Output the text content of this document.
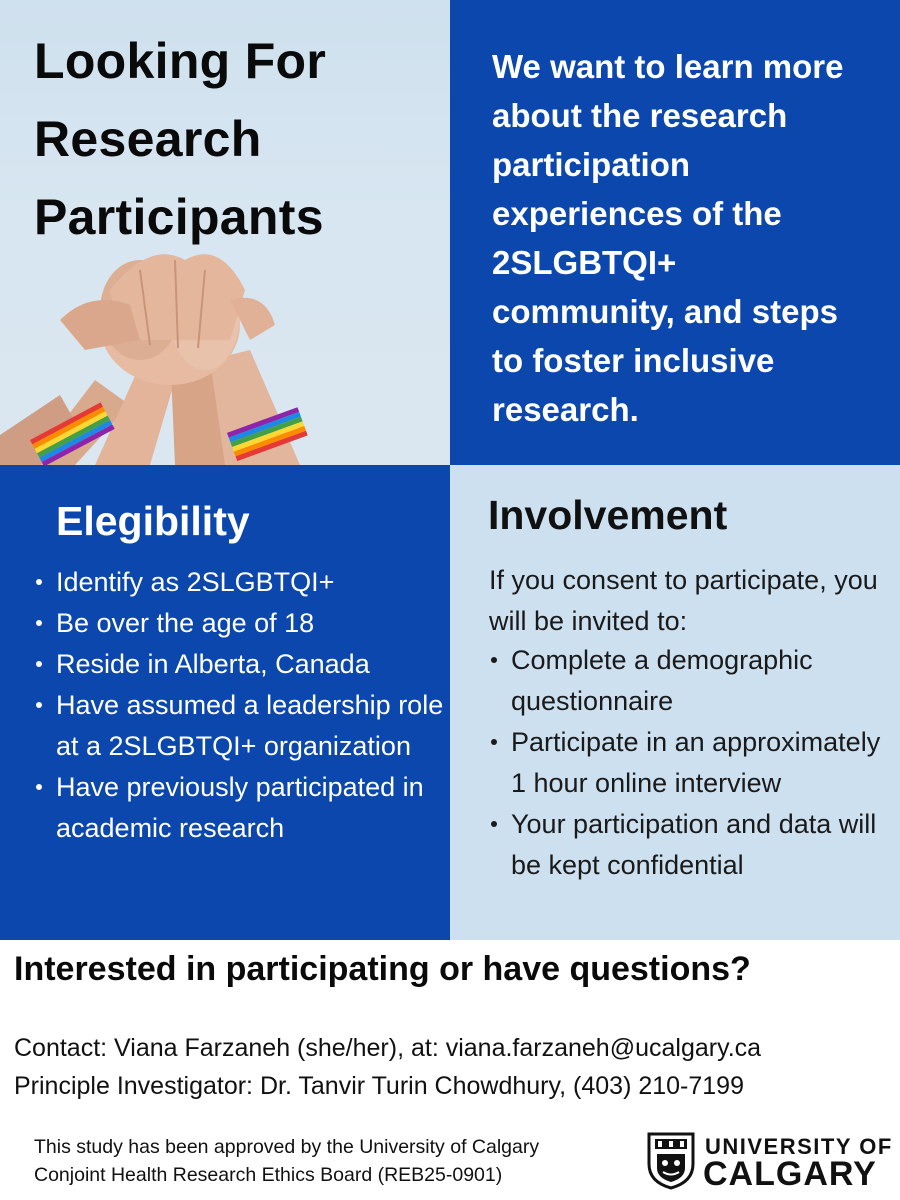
Looking For
Research
Participants

We want to learn more
about the research
participation
experiences of the
2SLGBTQI+
community, and steps
to foster inclusive
research.

Elegibility
Identify as 2SLGBTQI+
Be over the age of 18
Reside in Alberta, Canada
Have assumed a leadership role at a 2SLGBTQI+ organization
Have previously participated in academic research
Involvement

If you consent to participate, you will be invited to:

Complete a demographic questionnaire
Participate in an approximately 1 hour online interview
Your participation and data will be kept confidential
Interested in participating or have questions?

Contact: Viana Farzaneh (she/her), at: viana.farzaneh@ucalgary.ca

Principle Investigator: Dr. Tanvir Turin Chowdhury, (403) 210-7199

This study has been approved by the University of Calgary
Conjoint Health Research Ethics Board (REB25-0901)

UNIVERSITY OF
CALGARY
